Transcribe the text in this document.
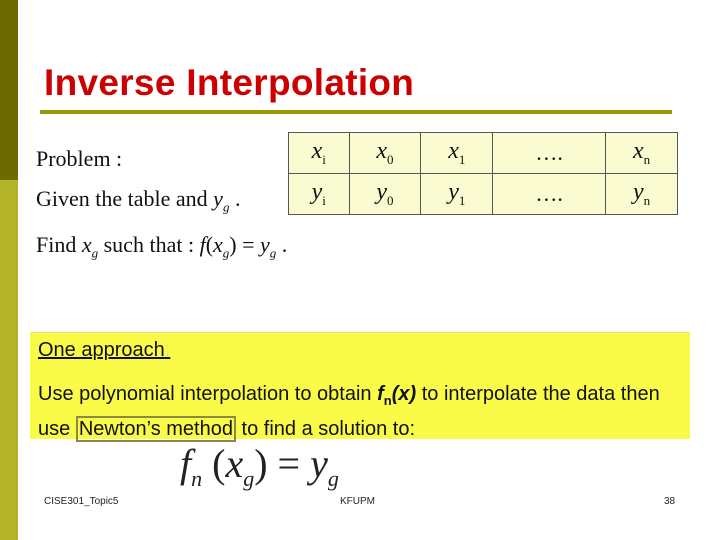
Inverse Interpolation
Problem :
Given the table and $y_g$ .
Find $x_g$ such that : $f(x_g) = y_g$ .
$x_i$	$x_0$	$x_1$	….	$x_n$
$y_i$	$y_0$	$y_1$	….	$y_n$
One approach:
Use polynomial interpolation to obtain $f_n(x)$ to interpolate the data then use Newton’s method to find a solution to:
$f_n$ $(x_g) = y_g$
CISE301_Topic5	KFUPM	38
